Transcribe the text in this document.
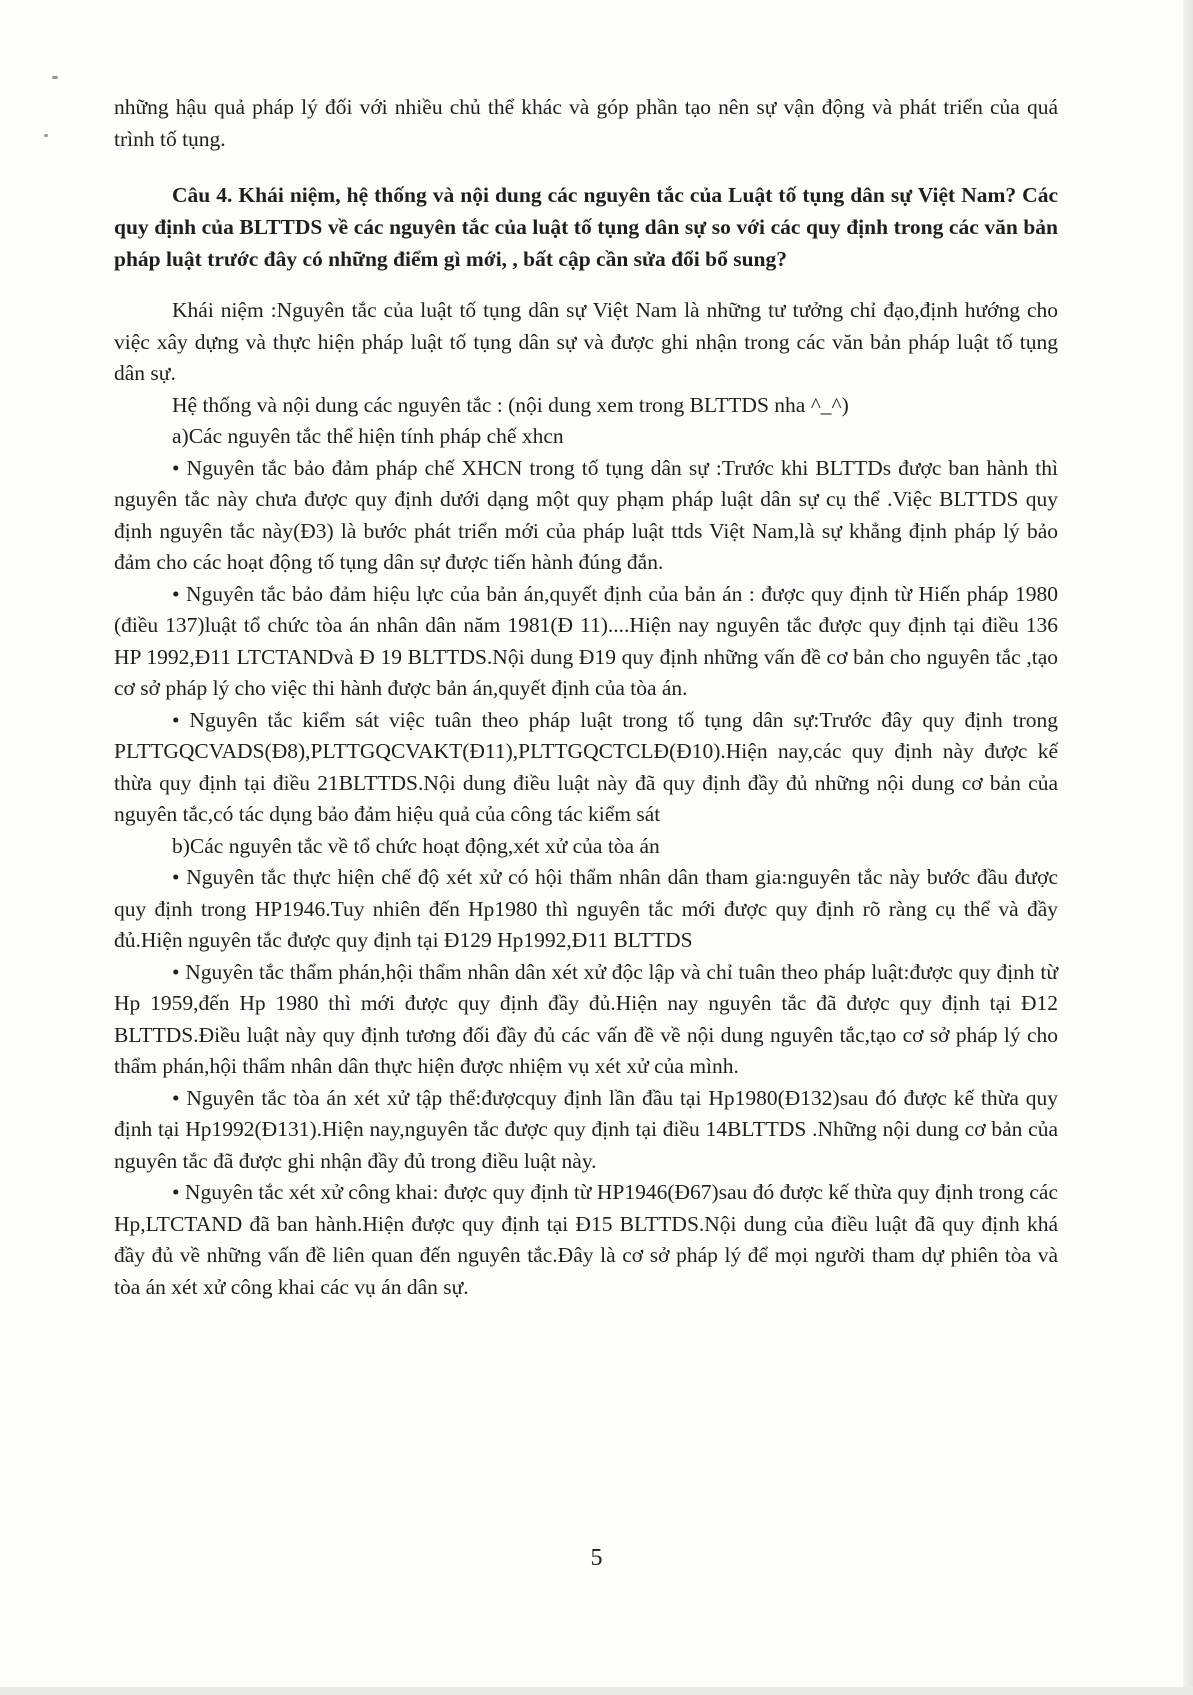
những hậu quả pháp lý đối với nhiều chủ thể khác và góp phần tạo nên sự vận động và phát triển của quá trình tố tụng.

Câu 4. Khái niệm, hệ thống và nội dung các nguyên tắc của Luật tố tụng dân sự Việt Nam? Các quy định của BLTTDS về các nguyên tắc của luật tố tụng dân sự so với các quy định trong các văn bản pháp luật trước đây có những điểm gì mới, , bất cập cần sửa đổi bổ sung?

Khái niệm :Nguyên tắc của luật tố tụng dân sự Việt Nam là những tư tưởng chỉ đạo,định hướng cho việc xây dựng và thực hiện pháp luật tố tụng dân sự và được ghi nhận trong các văn bản pháp luật tố tụng dân sự.

Hệ thống và nội dung các nguyên tắc : (nội dung xem trong BLTTDS nha ^_^)

a)Các nguyên tắc thể hiện tính pháp chế xhcn

• Nguyên tắc bảo đảm pháp chế XHCN trong tố tụng dân sự :Trước khi BLTTDs được ban hành thì nguyên tắc này chưa được quy định dưới dạng một quy phạm pháp luật dân sự cụ thể .Việc BLTTDS quy định nguyên tắc này(Đ3) là bước phát triển mới của pháp luật ttds Việt Nam,là sự khẳng định pháp lý bảo đảm cho các hoạt động tố tụng dân sự được tiến hành đúng đắn.

• Nguyên tắc bảo đảm hiệu lực của bản án,quyết định của bản án : được quy định từ Hiến pháp 1980 (điều 137)luật tổ chức tòa án nhân dân năm 1981(Đ 11)....Hiện nay nguyên tắc được quy định tại điều 136 HP 1992,Đ11 LTCTANDvà Đ 19 BLTTDS.Nội dung Đ19 quy định những vấn đề cơ bản cho nguyên tắc ,tạo cơ sở pháp lý cho việc thi hành được bản án,quyết định của tòa án.

• Nguyên tắc kiểm sát việc tuân theo pháp luật trong tố tụng dân sự:Trước đây quy định trong PLTTGQCVADS(Đ8),PLTTGQCVAKT(Đ11),PLTTGQCTCLĐ(Đ10).Hiện nay,các quy định này được kế thừa quy định tại điều 21BLTTDS.Nội dung điều luật này đã quy định đầy đủ những nội dung cơ bản của nguyên tắc,có tác dụng bảo đảm hiệu quả của công tác kiểm sát

b)Các nguyên tắc về tổ chức hoạt động,xét xử của tòa án

• Nguyên tắc thực hiện chế độ xét xử có hội thẩm nhân dân tham gia:nguyên tắc này bước đầu được quy định trong HP1946.Tuy nhiên đến Hp1980 thì nguyên tắc mới được quy định rõ ràng cụ thể và đầy đủ.Hiện nguyên tắc được quy định tại Đ129 Hp1992,Đ11 BLTTDS

• Nguyên tắc thẩm phán,hội thẩm nhân dân xét xử độc lập và chỉ tuân theo pháp luật:được quy định từ Hp 1959,đến Hp 1980 thì mới được quy định đầy đủ.Hiện nay nguyên tắc đã được quy định tại Đ12 BLTTDS.Điều luật này quy định tương đối đầy đủ các vấn đề về nội dung nguyên tắc,tạo cơ sở pháp lý cho thẩm phán,hội thẩm nhân dân thực hiện được nhiệm vụ xét xử của mình.

• Nguyên tắc tòa án xét xử tập thể:đượcquy định lần đầu tại Hp1980(Đ132)sau đó được kế thừa quy định tại Hp1992(Đ131).Hiện nay,nguyên tắc được quy định tại điều 14BLTTDS .Những nội dung cơ bản của nguyên tắc đã được ghi nhận đầy đủ trong điều luật này.

• Nguyên tắc xét xử công khai: được quy định từ HP1946(Đ67)sau đó được kế thừa quy định trong các Hp,LTCTAND đã ban hành.Hiện được quy định tại Đ15 BLTTDS.Nội dung của điều luật đã quy định khá đầy đủ về những vấn đề liên quan đến nguyên tắc.Đây là cơ sở pháp lý để mọi người tham dự phiên tòa và tòa án xét xử công khai các vụ án dân sự.

5
